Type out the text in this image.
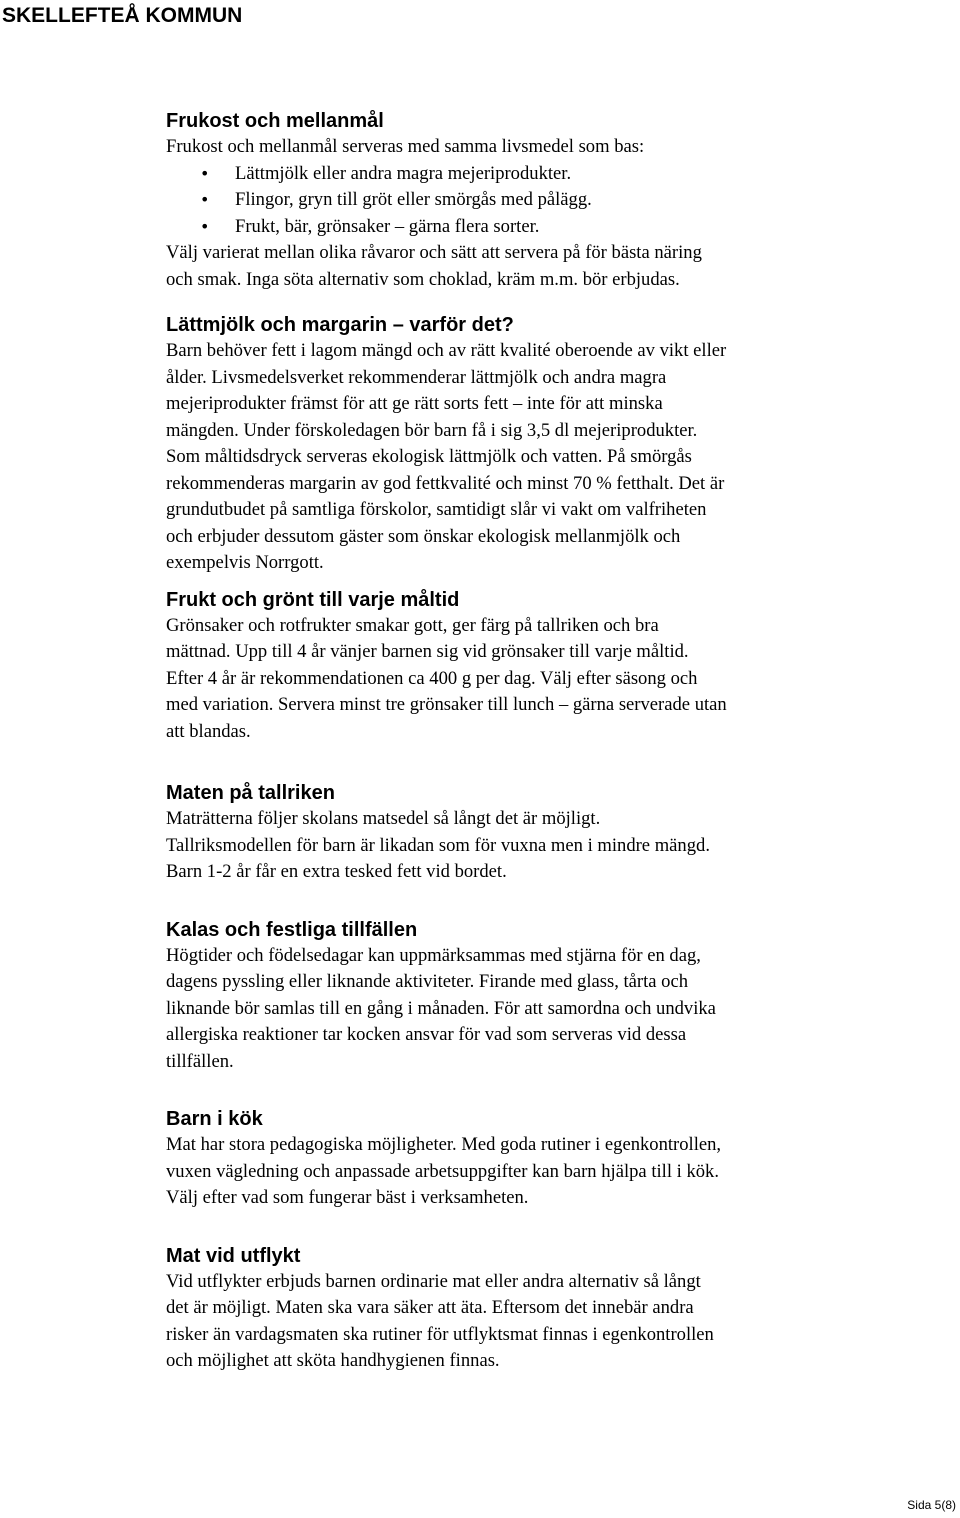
SKELLEFTEÅ KOMMUN
Frukost och mellanmål

Frukost och mellanmål serveras med samma livsmedel som bas:

• Lättmjölk eller andra magra mejeriprodukter.
• Flingor, gryn till gröt eller smörgås med pålägg.
• Frukt, bär, grönsaker – gärna flera sorter.

Välj varierat mellan olika råvaror och sätt att servera på för bästa näring
och smak. Inga söta alternativ som choklad, kräm m.m. bör erbjudas.

Lättmjölk och margarin – varför det?

Barn behöver fett i lagom mängd och av rätt kvalité oberoende av vikt eller
ålder. Livsmedelsverket rekommenderar lättmjölk och andra magra
mejeriprodukter främst för att ge rätt sorts fett – inte för att minska
mängden. Under förskoledagen bör barn få i sig 3,5 dl mejeriprodukter.
Som måltidsdryck serveras ekologisk lättmjölk och vatten. På smörgås
rekommenderas margarin av god fettkvalité och minst 70 % fetthalt. Det är
grundutbudet på samtliga förskolor, samtidigt slår vi vakt om valfriheten
och erbjuder dessutom gäster som önskar ekologisk mellanmjölk och
exempelvis Norrgott.

Frukt och grönt till varje måltid

Grönsaker och rotfrukter smakar gott, ger färg på tallriken och bra
mättnad. Upp till 4 år vänjer barnen sig vid grönsaker till varje måltid.
Efter 4 år är rekommendationen ca 400 g per dag. Välj efter säsong och
med variation. Servera minst tre grönsaker till lunch – gärna serverade utan
att blandas.

Maten på tallriken

Maträtterna följer skolans matsedel så långt det är möjligt.
Tallriksmodellen för barn är likadan som för vuxna men i mindre mängd.
Barn 1-2 år får en extra tesked fett vid bordet.

Kalas och festliga tillfällen

Högtider och födelsedagar kan uppmärksammas med stjärna för en dag,
dagens pyssling eller liknande aktiviteter. Firande med glass, tårta och
liknande bör samlas till en gång i månaden. För att samordna och undvika
allergiska reaktioner tar kocken ansvar för vad som serveras vid dessa
tillfällen.

Barn i kök

Mat har stora pedagogiska möjligheter. Med goda rutiner i egenkontrollen,
vuxen vägledning och anpassade arbetsuppgifter kan barn hjälpa till i kök.
Välj efter vad som fungerar bäst i verksamheten.

Mat vid utflykt

Vid utflykter erbjuds barnen ordinarie mat eller andra alternativ så långt
det är möjligt. Maten ska vara säker att äta. Eftersom det innebär andra
risker än vardagsmaten ska rutiner för utflyktsmat finnas i egenkontrollen
och möjlighet att sköta handhygienen finnas.

Sida 5(8)
